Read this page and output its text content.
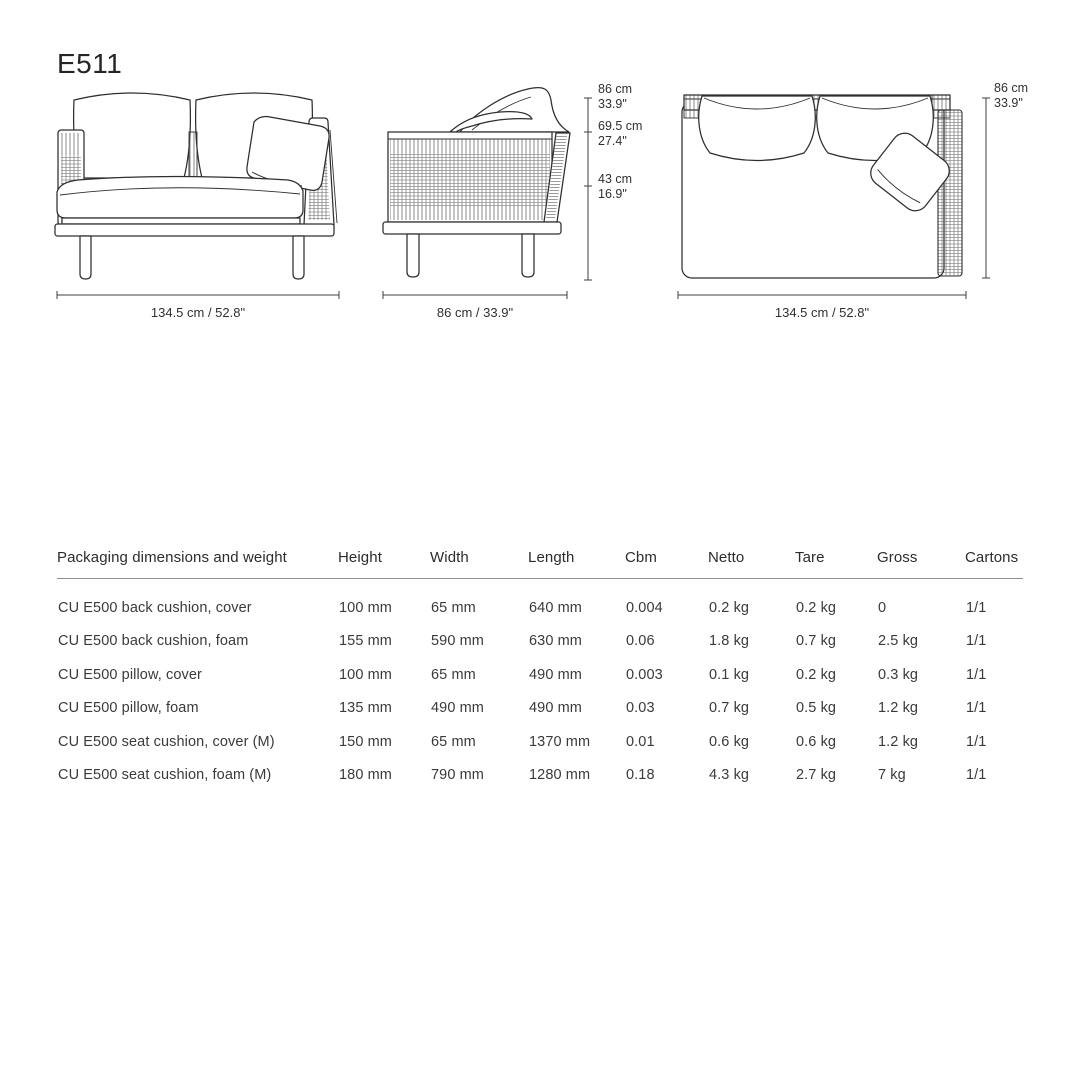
E511
134.5 cm / 52.8"
86 cm
33.9"
69.5 cm
27.4"
43 cm
16.9"
86 cm / 33.9"
86 cm
33.9"
134.5 cm / 52.8"
Packaging dimensions and weight	Height	Width	Length	Cbm	Netto	Tare	Gross	Cartons
CU E500 back cushion, cover	100 mm	65 mm	640 mm	0.004	0.2 kg	0.2 kg	0	1/1
CU E500 back cushion, foam	155 mm	590 mm	630 mm	0.06	1.8 kg	0.7 kg	2.5 kg	1/1
CU E500 pillow, cover	100 mm	65 mm	490 mm	0.003	0.1 kg	0.2 kg	0.3 kg	1/1
CU E500 pillow, foam	135 mm	490 mm	490 mm	0.03	0.7 kg	0.5 kg	1.2 kg	1/1
CU E500 seat cushion, cover (M)	150 mm	65 mm	1370 mm	0.01	0.6 kg	0.6 kg	1.2 kg	1/1
CU E500 seat cushion, foam (M)	180 mm	790 mm	1280 mm	0.18	4.3 kg	2.7 kg	7 kg	1/1
